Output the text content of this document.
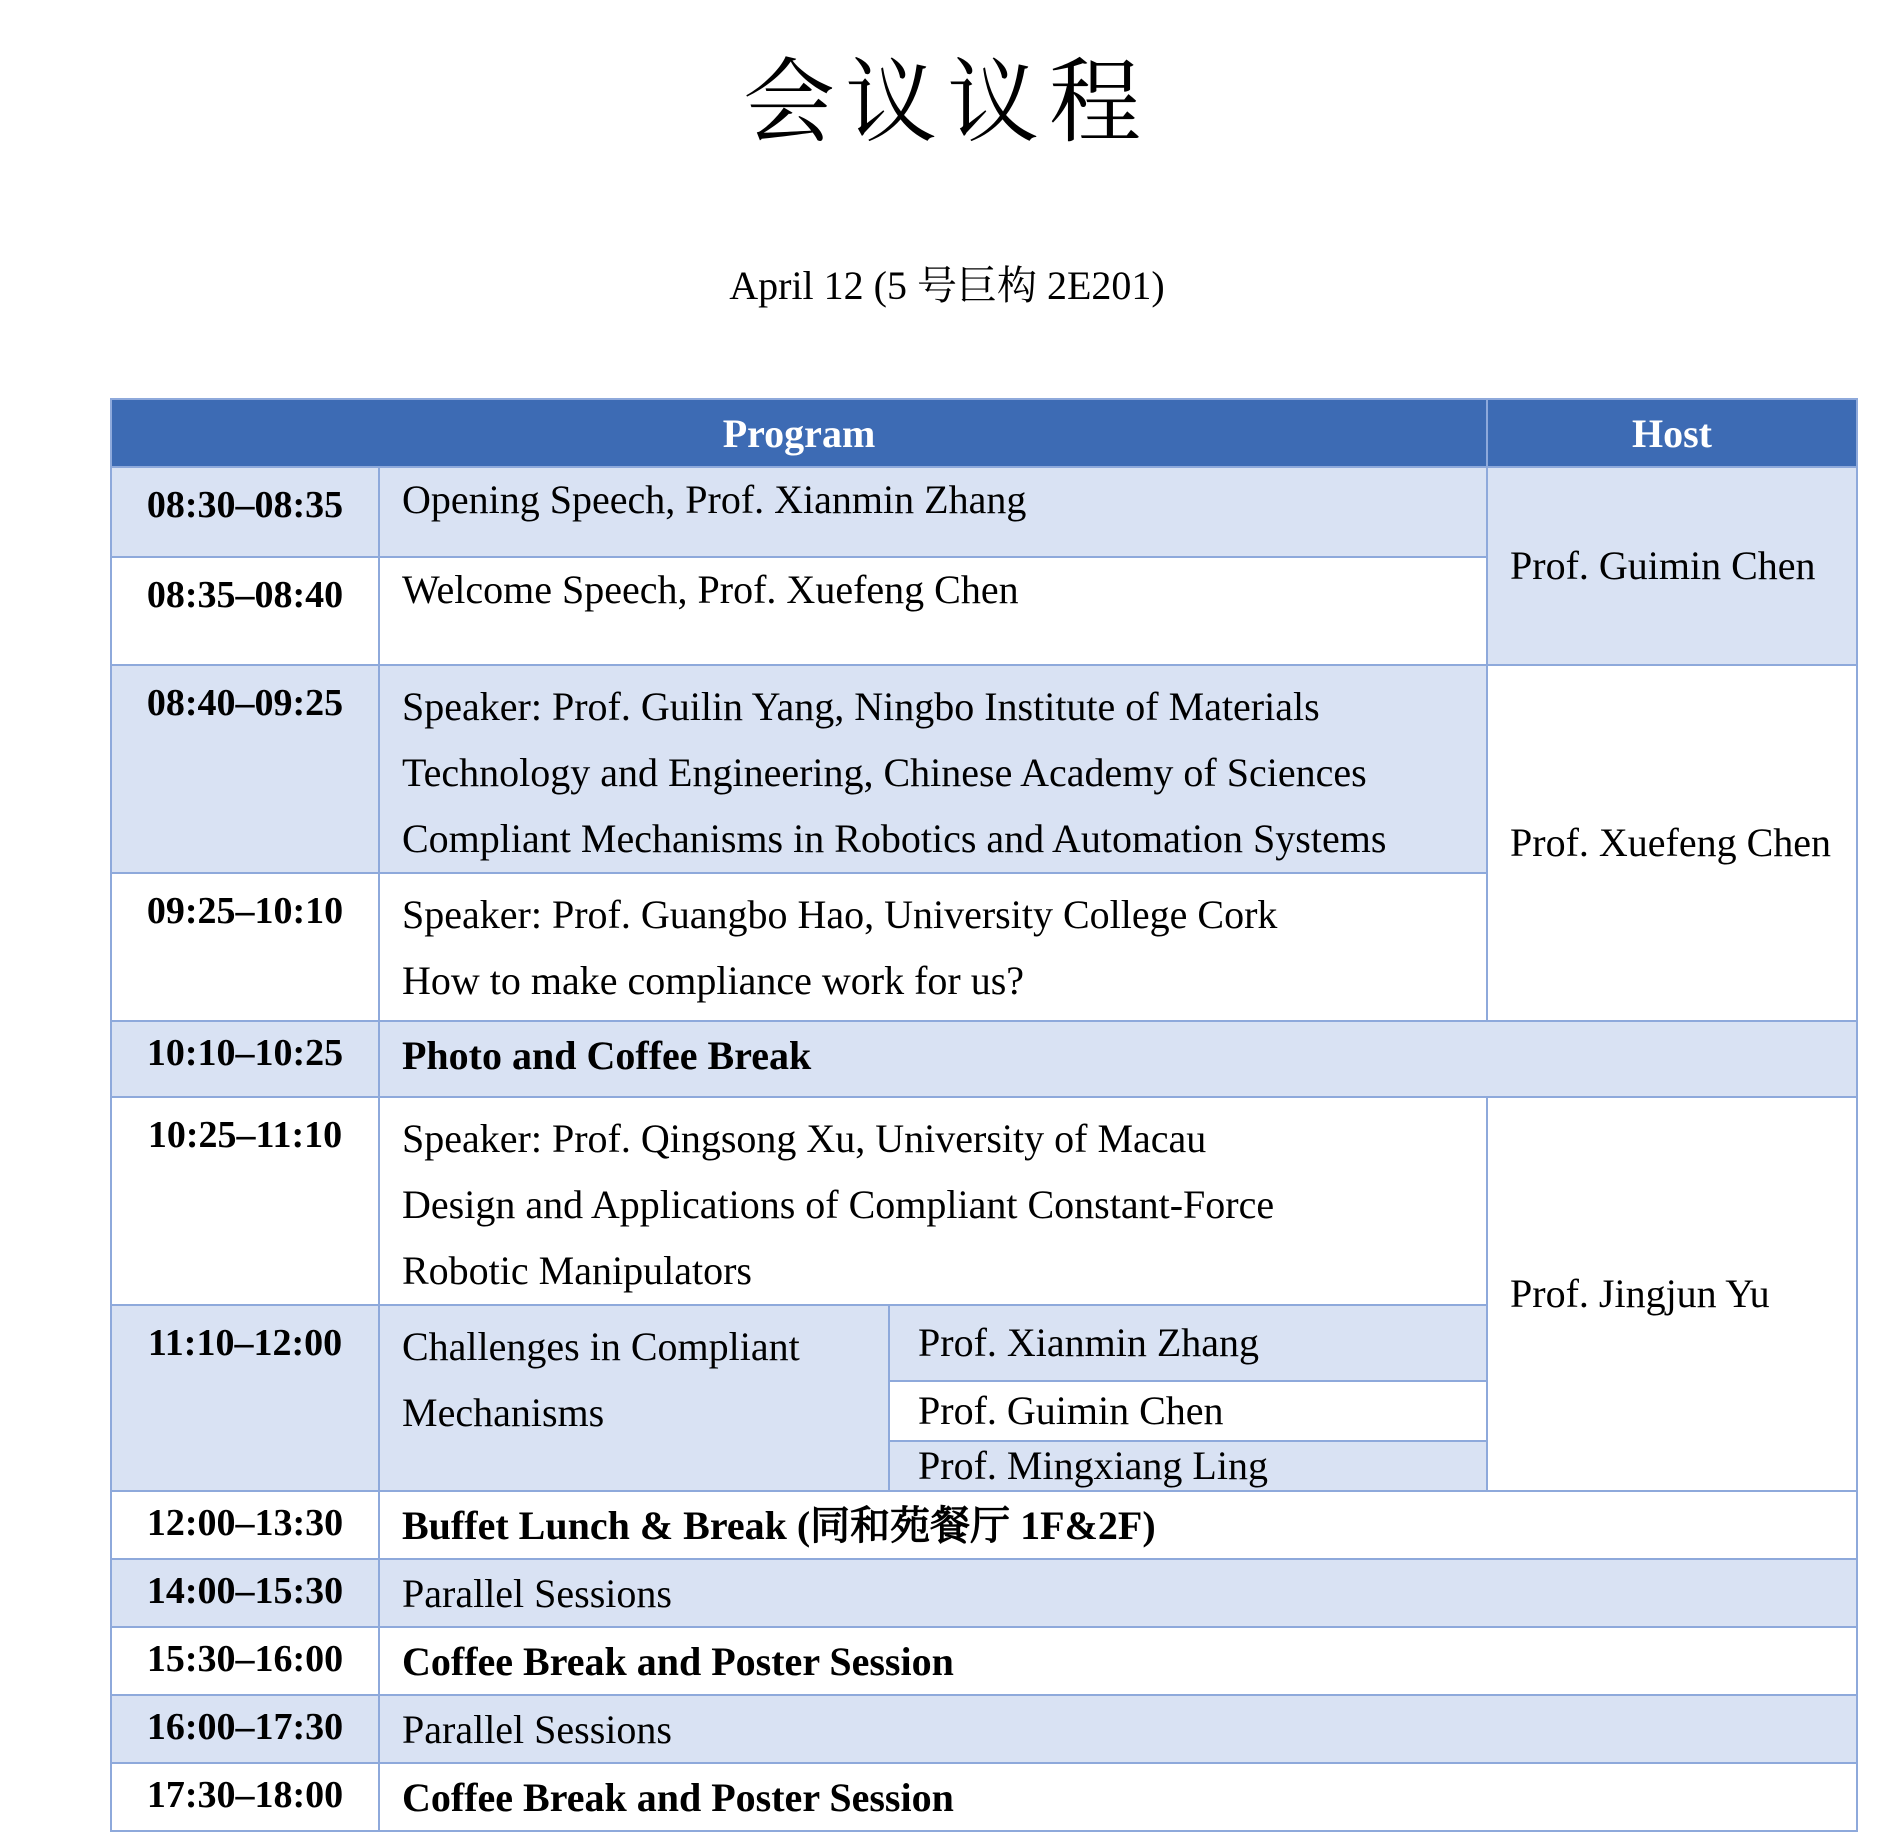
会议议程
April 12 (5 号巨构 2E201)
Program			Host
08:30–08:35	Opening Speech, Prof. Xianmin Zhang		Prof. Guimin Chen
08:35–08:40	Welcome Speech, Prof. Xuefeng Chen		
08:40–09:25	Speaker: Prof. Guilin Yang, Ningbo Institute of Materials
Technology and Engineering, Chinese Academy of Sciences
Compliant Mechanisms in Robotics and Automation Systems		Prof. Xuefeng Chen
09:25–10:10	Speaker: Prof. Guangbo Hao, University College Cork
How to make compliance work for us?		

10:10–10:25	Photo and Coffee Break		
10:25–11:10	Speaker: Prof. Qingsong Xu, University of Macau
Design and Applications of Compliant Constant-Force
Robotic Manipulators		Prof. Jingjun Yu
11:10–12:00	Challenges in Compliant
Mechanisms	Prof. Xianmin Zhang	
		Prof. Guimin Chen	
		Prof. Mingxiang Ling	
12:00–13:30	Buffet Lunch & Break (同和苑餐厅 1F&2F)		
14:00–15:30	Parallel Sessions		
15:30–16:00	Coffee Break and Poster Session		
16:00–17:30	Parallel Sessions		
17:30–18:00	Coffee Break and Poster Session		
